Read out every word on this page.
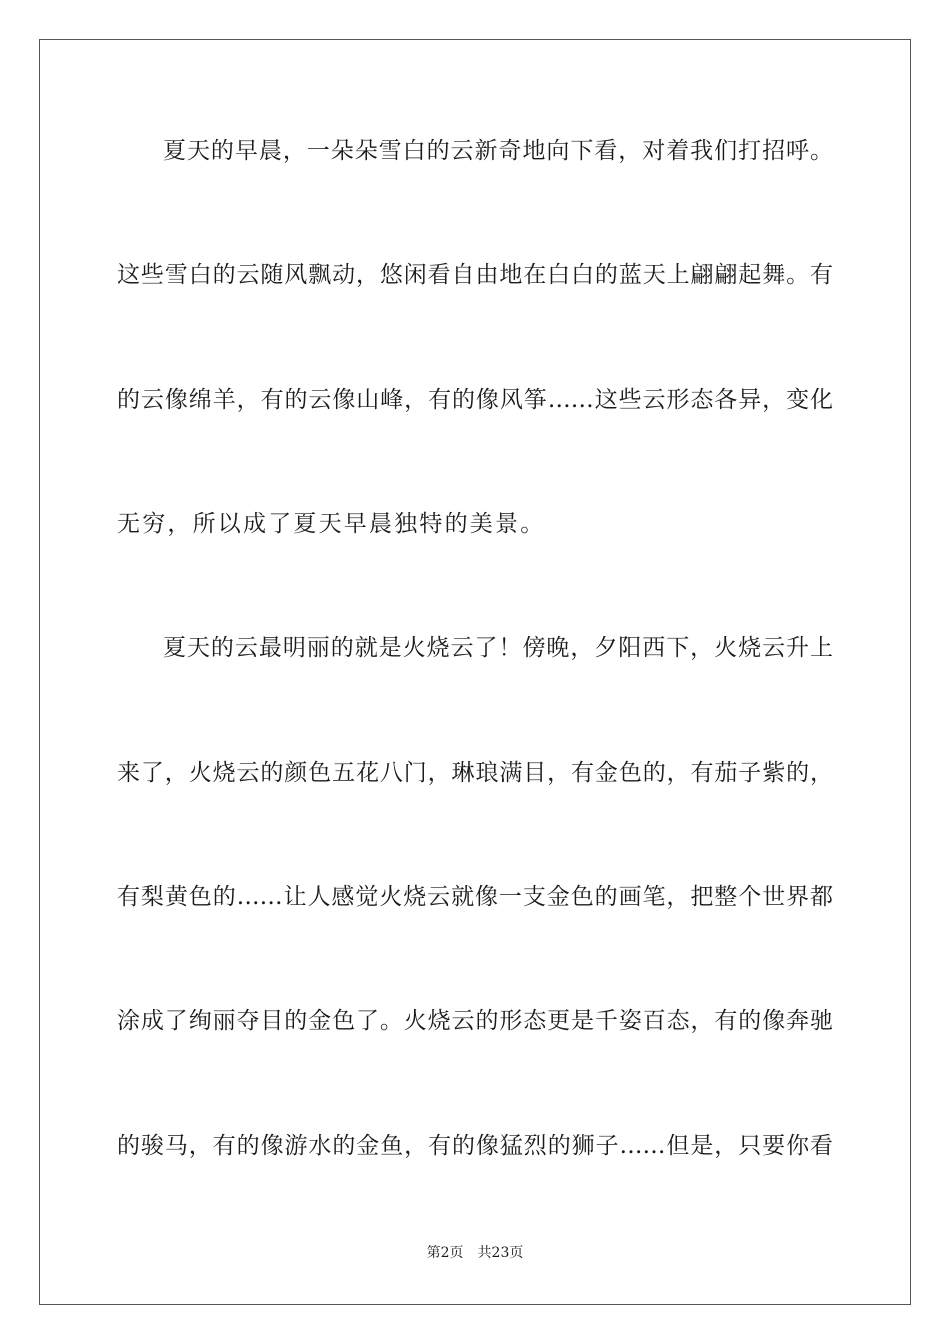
夏天的早晨，一朵朵雪白的云新奇地向下看，对着我们打招呼。
这些雪白的云随风飘动，悠闲看自由地在白白的蓝天上翩翩起舞。有
的云像绵羊，有的云像山峰，有的像风筝……这些云形态各异，变化
无穷，所以成了夏天早晨独特的美景。
夏天的云最明丽的就是火烧云了！傍晚，夕阳西下，火烧云升上
来了，火烧云的颜色五花八门，琳琅满目，有金色的，有茄子紫的，
有梨黄色的……让人感觉火烧云就像一支金色的画笔，把整个世界都
涂成了绚丽夺目的金色了。火烧云的形态更是千姿百态，有的像奔驰
的骏马，有的像游水的金鱼，有的像猛烈的狮子……但是，只要你看
第2页 共23页
